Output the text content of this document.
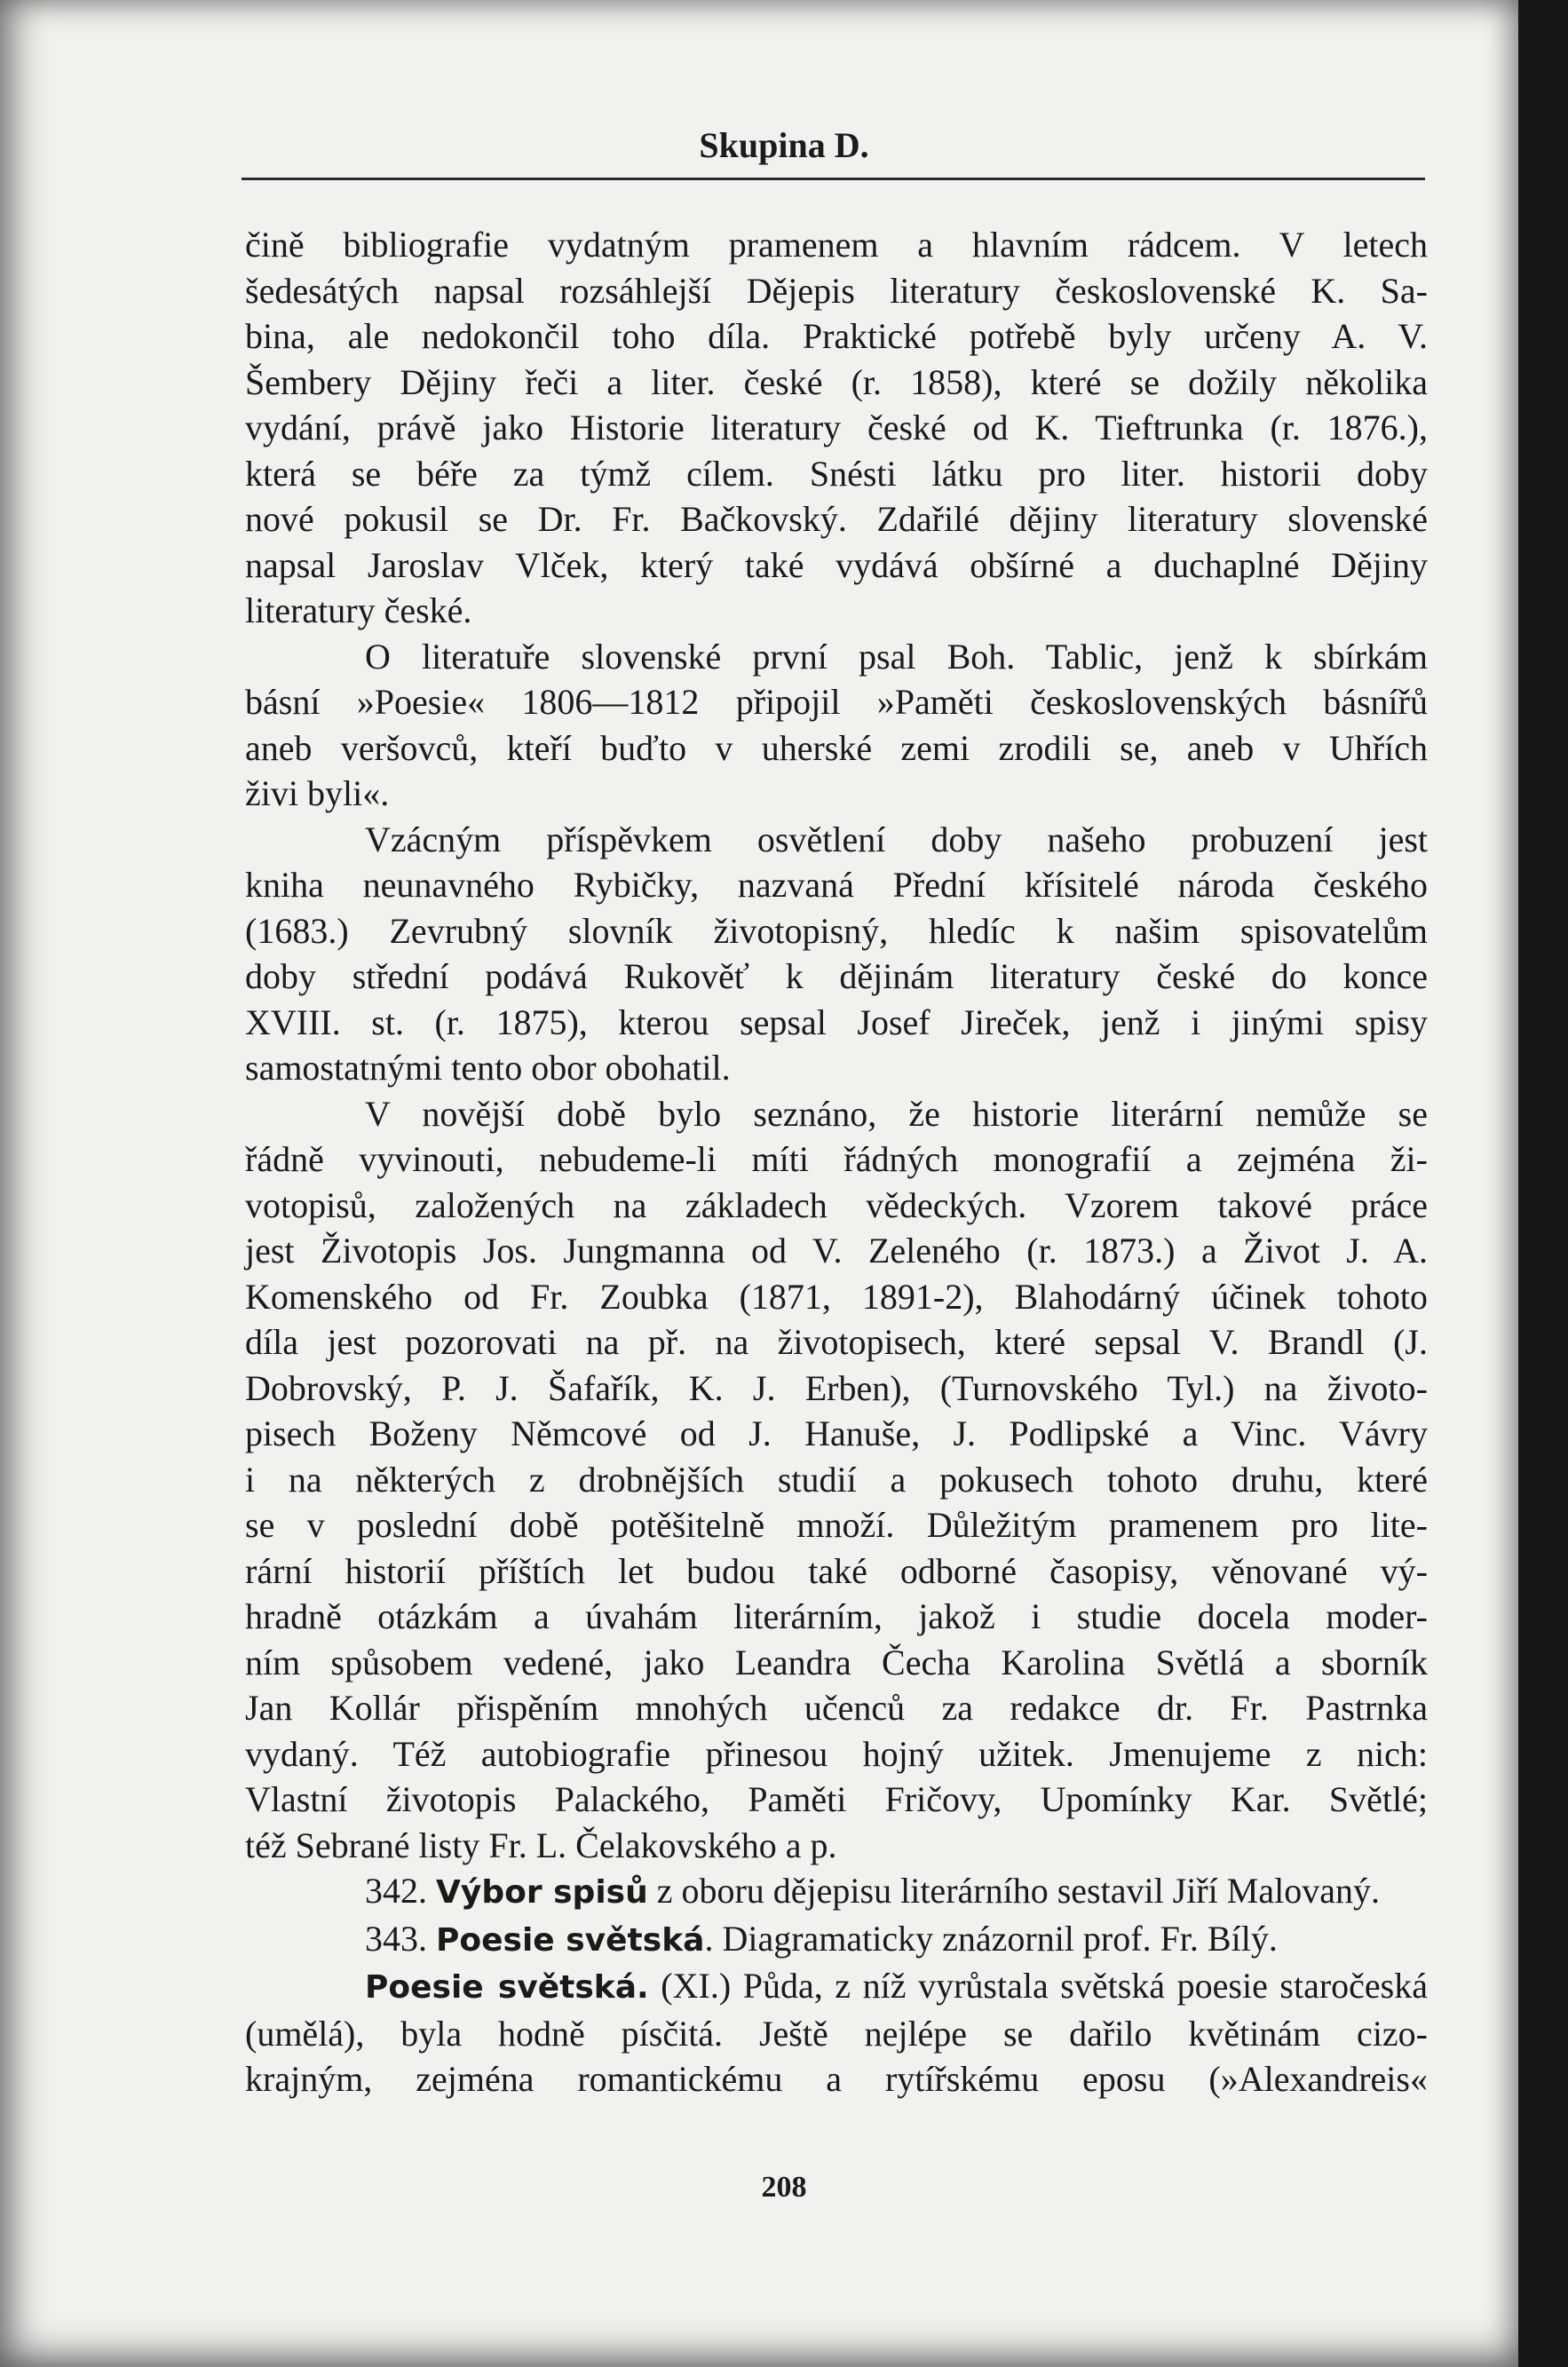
Skupina D.
čině bibliografie vydatným pramenem a hlavním rádcem. V letech
šedesátých napsal rozsáhlejší Dějepis literatury československé K. Sa-
bina, ale nedokončil toho díla. Praktické potřebě byly určeny A. V.
Šembery Dějiny řeči a liter. české (r. 1858), které se dožily několika
vydání, právě jako Historie literatury české od K. Tieftrunka (r. 1876.),
která se béře za týmž cílem. Snésti látku pro liter. historii doby
nové pokusil se Dr. Fr. Bačkovský. Zdařilé dějiny literatury slovenské
napsal Jaroslav Vlček, který také vydává obšírné a duchaplné Dějiny
literatury české.
O literatuře slovenské první psal Boh. Tablic, jenž k sbírkám
básní »Poesie« 1806—1812 připojil »Paměti československých básnířů
aneb veršovců, kteří buďto v uherské zemi zrodili se, aneb v Uhřích
živi byli«.
Vzácným příspěvkem osvětlení doby našeho probuzení jest
kniha neunavného Rybičky, nazvaná Přední křísitelé národa českého
(1683.) Zevrubný slovník životopisný, hledíc k našim spisovatelům
doby střední podává Rukověť k dějinám literatury české do konce
XVIII. st. (r. 1875), kterou sepsal Josef Jireček, jenž i jinými spisy
samostatnými tento obor obohatil.
V novější době bylo seznáno, že historie literární nemůže se
řádně vyvinouti, nebudeme-li míti řádných monografií a zejména ži-
votopisů, založených na základech vědeckých. Vzorem takové práce
jest Životopis Jos. Jungmanna od V. Zeleného (r. 1873.) a Život J. A.
Komenského od Fr. Zoubka (1871, 1891-2), Blahodárný účinek tohoto
díla jest pozorovati na př. na životopisech, které sepsal V. Brandl (J.
Dobrovský, P. J. Šafařík, K. J. Erben), (Turnovského Tyl.) na životo-
pisech Boženy Němcové od J. Hanuše, J. Podlipské a Vinc. Vávry
i na některých z drobnějších studií a pokusech tohoto druhu, které
se v poslední době potěšitelně množí. Důležitým pramenem pro lite-
rární historií příštích let budou také odborné časopisy, věnované vý-
hradně otázkám a úvahám literárním, jakož i studie docela moder-
ním spůsobem vedené, jako Leandra Čecha Karolina Světlá a sborník
Jan Kollár přispěním mnohých učenců za redakce dr. Fr. Pastrnka
vydaný. Též autobiografie přinesou hojný užitek. Jmenujeme z nich:
Vlastní životopis Palackého, Paměti Fričovy, Upomínky Kar. Světlé;
též Sebrané listy Fr. L. Čelakovského a p.
342. Výbor spisů z oboru dějepisu literárního sestavil Jiří Malovaný.
343. Poesie světská. Diagramaticky znázornil prof. Fr. Bílý.
Poesie světská. (XI.) Půda, z níž vyrůstala světská poesie staročeská
(umělá), byla hodně písčitá. Ještě nejlépe se dařilo květinám cizo-
krajným, zejména romantickému a rytířskému eposu (»Alexandreis«
208
